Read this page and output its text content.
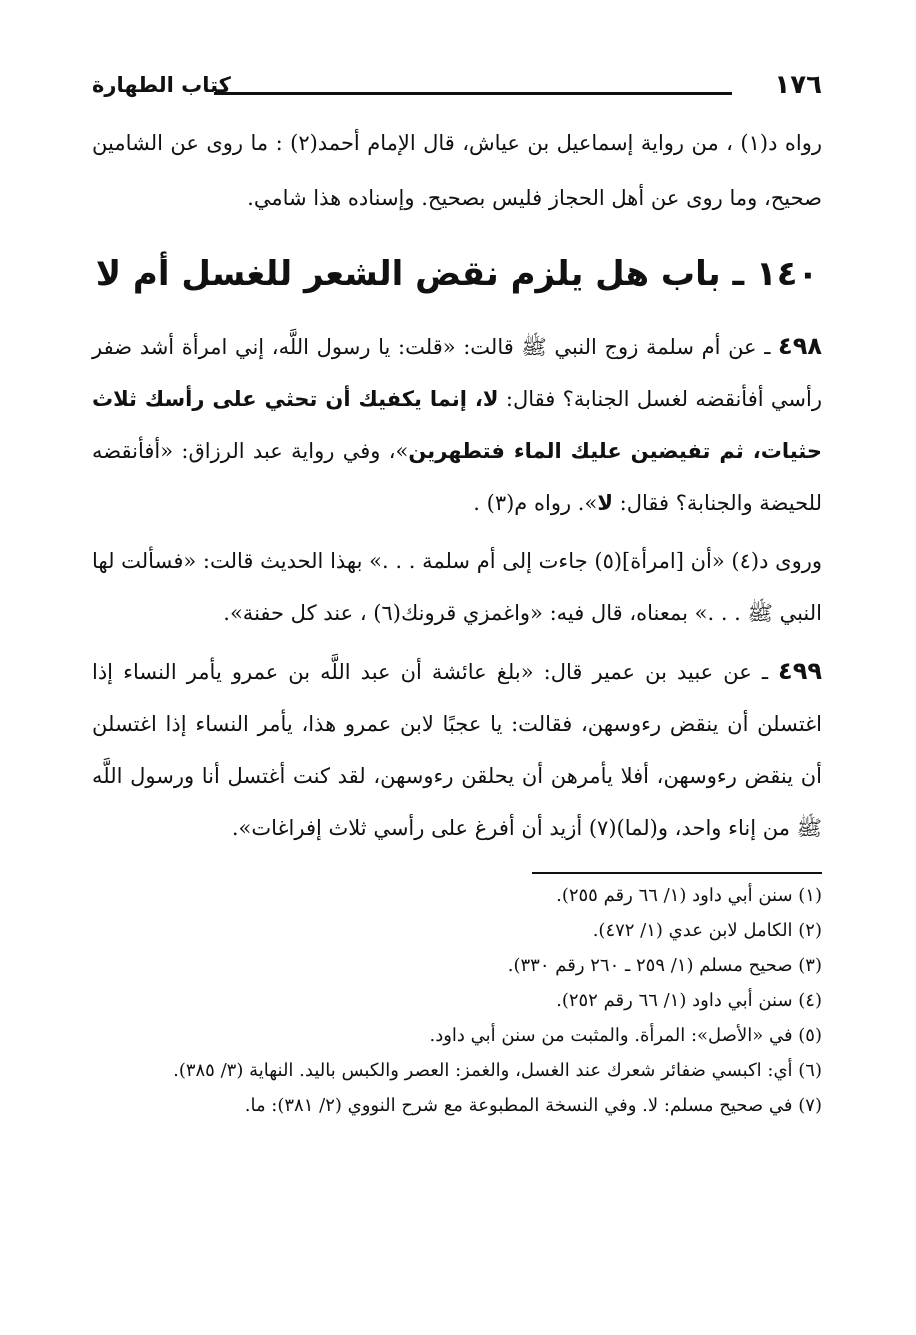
١٧٦
كتاب الطهارة

رواه د(١) ، من رواية إسماعيل بن عياش، قال الإمام أحمد(٢) : ما روى عن الشامين صحيح، وما روى عن أهل الحجاز فليس بصحيح. وإسناده هذا شامي.

١٤٠ ـ باب هل يلزم نقض الشعر للغسل أم لا

٤٩٨ ـ عن أم سلمة زوج النبي ﷺ قالت: «قلت: يا رسول اللَّه، إني امرأة أشد ضفر رأسي أفأنقضه لغسل الجنابة؟ فقال: لا، إنما يكفيك أن تحثي على رأسك ثلاث حثيات، ثم تفيضين عليك الماء فتطهرين»، وفي رواية عبد الرزاق: «أفأنقضه للحيضة والجنابة؟ فقال: لا». رواه م(٣) .

وروى د(٤) «أن [امرأة](٥) جاءت إلى أم سلمة . . .» بهذا الحديث قالت: «فسألت لها النبي ﷺ . . .» بمعناه، قال فيه: «واغمزي قرونك(٦) ، عند كل حفنة».

٤٩٩ ـ عن عبيد بن عمير قال: «بلغ عائشة أن عبد اللَّه بن عمرو يأمر النساء إذا اغتسلن أن ينقض رءوسهن، فقالت: يا عجبًا لابن عمرو هذا، يأمر النساء إذا اغتسلن أن ينقض رءوسهن، أفلا يأمرهن أن يحلقن رءوسهن، لقد كنت أغتسل أنا ورسول اللَّه ﷺ من إناء واحد، و(لما)(٧) أزيد أن أفرغ على رأسي ثلاث إفراغات».

(١) سنن أبي داود (١/ ٦٦ رقم ٢٥٥).
(٢) الكامل لابن عدي (١/ ٤٧٢).
(٣) صحيح مسلم (١/ ٢٥٩ ـ ٢٦٠ رقم ٣٣٠).
(٤) سنن أبي داود (١/ ٦٦ رقم ٢٥٢).
(٥) في «الأصل»: المرأة. والمثبت من سنن أبي داود.
(٦) أي: اكبسي ضفائر شعرك عند الغسل، والغمز: العصر والكبس باليد. النهاية (٣/ ٣٨٥).
(٧) في صحيح مسلم: لا. وفي النسخة المطبوعة مع شرح النووي (٢/ ٣٨١): ما.
